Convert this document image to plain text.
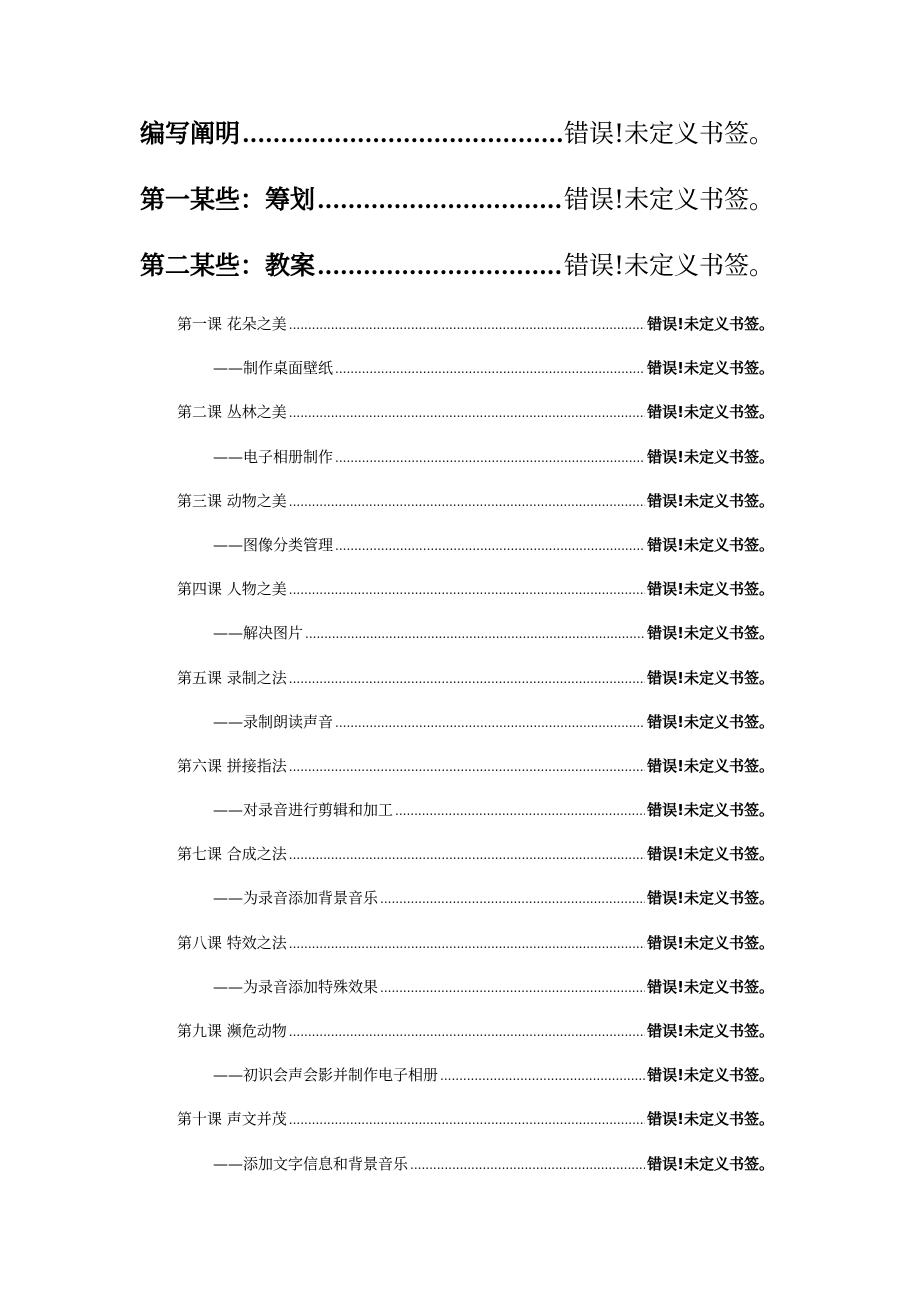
编写阐明 .....	错误!未定义书签。
第一某些：筹划 .....	错误!未定义书签。
第二某些：教案 .....	错误!未定义书签。
第一课 花朵之美 .....	错误!未定义书签。
——制作桌面壁纸 .....	错误!未定义书签。
第二课 丛林之美 .....	错误!未定义书签。
——电子相册制作 .....	错误!未定义书签。
第三课 动物之美 .....	错误!未定义书签。
——图像分类管理 .....	错误!未定义书签。
第四课 人物之美 .....	错误!未定义书签。
——解决图片 .....	错误!未定义书签。
第五课 录制之法 .....	错误!未定义书签。
——录制朗读声音 .....	错误!未定义书签。
第六课 拼接指法 .....	错误!未定义书签。
——对录音进行剪辑和加工 .....	错误!未定义书签。
第七课 合成之法 .....	错误!未定义书签。
——为录音添加背景音乐 .....	错误!未定义书签。
第八课 特效之法 .....	错误!未定义书签。
——为录音添加特殊效果 .....	错误!未定义书签。
第九课 濒危动物 .....	错误!未定义书签。
——初识会声会影并制作电子相册 .....	错误!未定义书签。
第十课 声文并茂 .....	错误!未定义书签。
——添加文字信息和背景音乐 .....	错误!未定义书签。
